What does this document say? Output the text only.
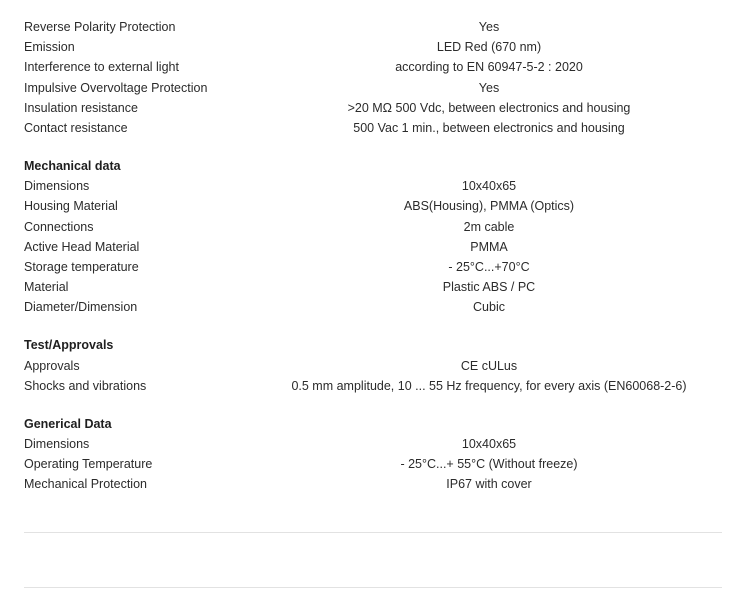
Reverse Polarity Protection	Yes
Emission	LED Red (670 nm)
Interference to external light	according to EN 60947-5-2 : 2020
Impulsive Overvoltage Protection	Yes
Insulation resistance	>20 MΩ 500 Vdc, between electronics and housing
Contact resistance	500 Vac 1 min., between electronics and housing
Mechanical data
Dimensions	10x40x65
Housing Material	ABS(Housing), PMMA (Optics)
Connections	2m cable
Active Head Material	PMMA
Storage temperature	- 25°C...+70°C
Material	Plastic ABS / PC
Diameter/Dimension	Cubic
Test/Approvals
Approvals	CE cULus
Shocks and vibrations	0.5 mm amplitude, 10 ... 55 Hz frequency, for every axis (EN60068-2-6)
Generical Data
Dimensions	10x40x65
Operating Temperature	- 25°C...+ 55°C (Without freeze)
Mechanical Protection	IP67 with cover
